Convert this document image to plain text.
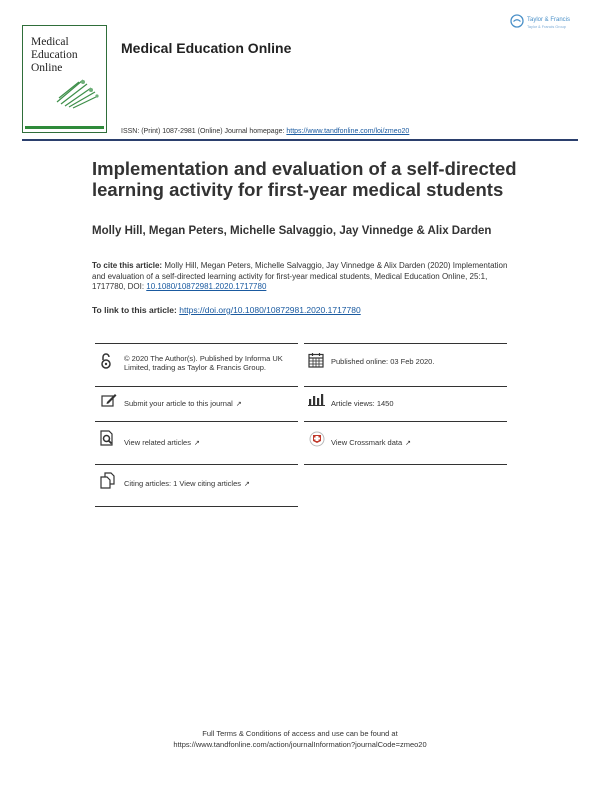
Medical
Education
Online
Medical Education Online
Taylor & Francis
Taylor & Francis Group
ISSN: (Print) 1087-2981 (Online) Journal homepage: https://www.tandfonline.com/loi/zmeo20
Implementation and evaluation of a self-directed learning activity for first-year medical students
Molly Hill, Megan Peters, Michelle Salvaggio, Jay Vinnedge & Alix Darden
To cite this article: Molly Hill, Megan Peters, Michelle Salvaggio, Jay Vinnedge & Alix Darden (2020) Implementation and evaluation of a self-directed learning activity for first-year medical students, Medical Education Online, 25:1, 1717780, DOI: 10.1080/10872981.2020.1717780
To link to this article: https://doi.org/10.1080/10872981.2020.1717780
© 2020 The Author(s). Published by Informa UK Limited, trading as Taylor & Francis Group.
Published online: 03 Feb 2020.
Submit your article to this journal ↗	Article views: 1450
View related articles ↗	View Crossmark data ↗
Citing articles: 1 View citing articles ↗
Full Terms & Conditions of access and use can be found at
https://www.tandfonline.com/action/journalInformation?journalCode=zmeo20
